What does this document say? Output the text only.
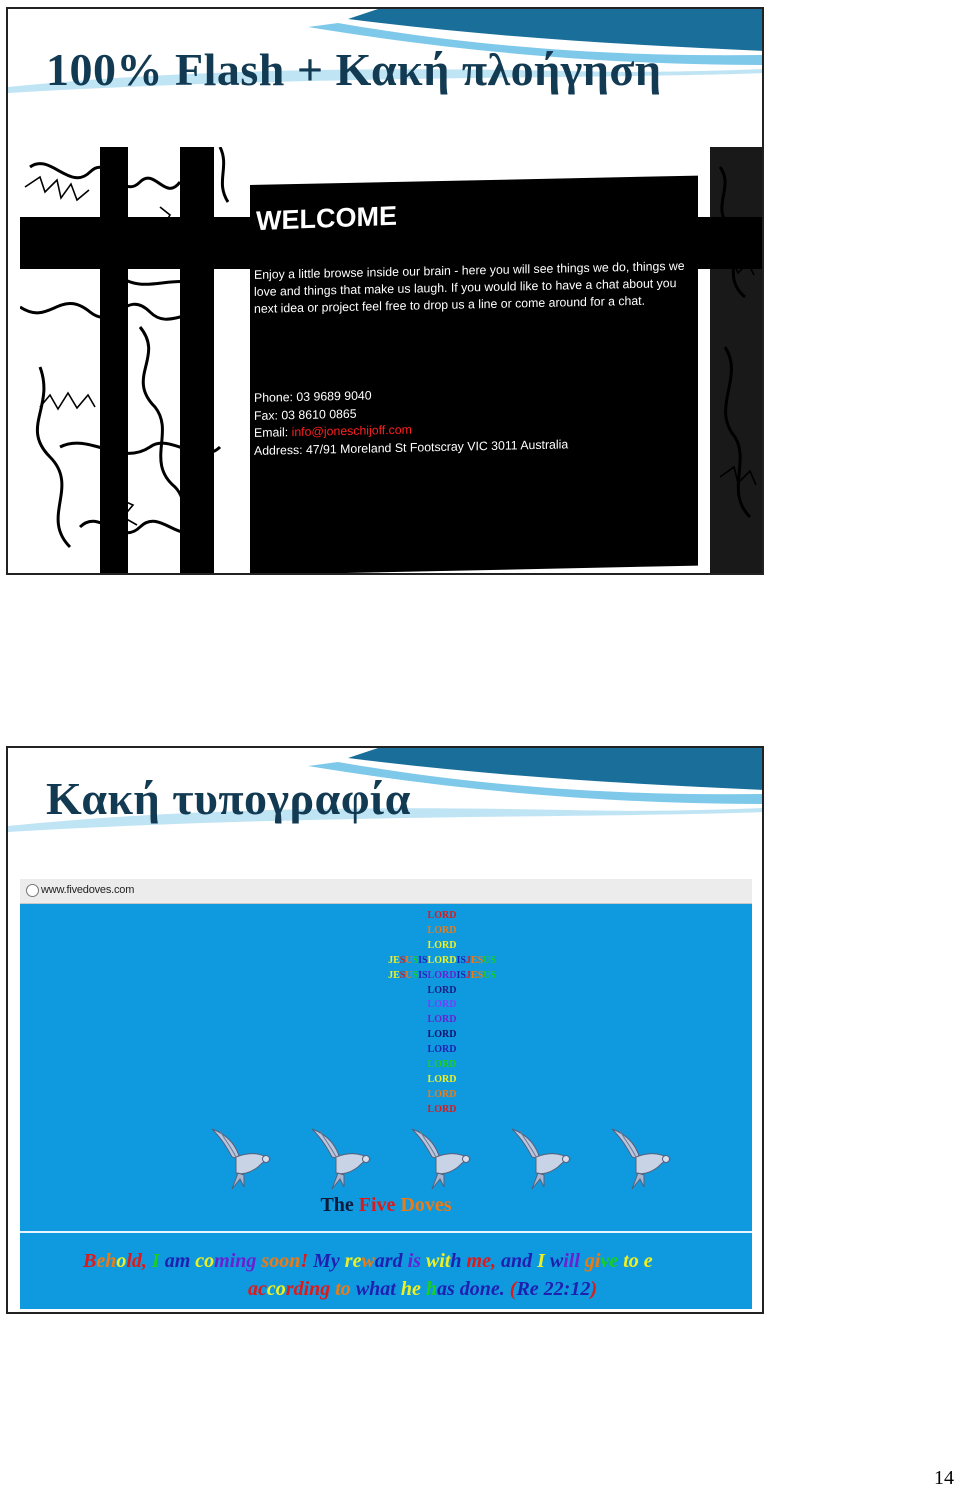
100% Flash + Κακή πλοήγηση
WELCOME
Enjoy a little browse inside our brain - here you will see things we do, things we love and things that make us laugh. If you would like to have a chat about you next idea or project feel free to drop us a line or come around for a chat.
Phone: 03 9689 9040
Fax: 03 8610 0865
Email: info@joneschijoff.com
Address: 47/91 Moreland St Footscray VIC 3011 Australia
Κακή τυπογραφία
www.fivedoves.com
LORD
LORD
LORD
JESUSISLORDISJESUS
JESUSISLORDISJESUS
LORD
LORD
LORD
LORD
LORD
LORD
LORD
LORD
LORD
The Five Doves
Behold, I am coming soon! My reward is with me, and I will give to e
according to what he has done. (Re 22:12)
14
